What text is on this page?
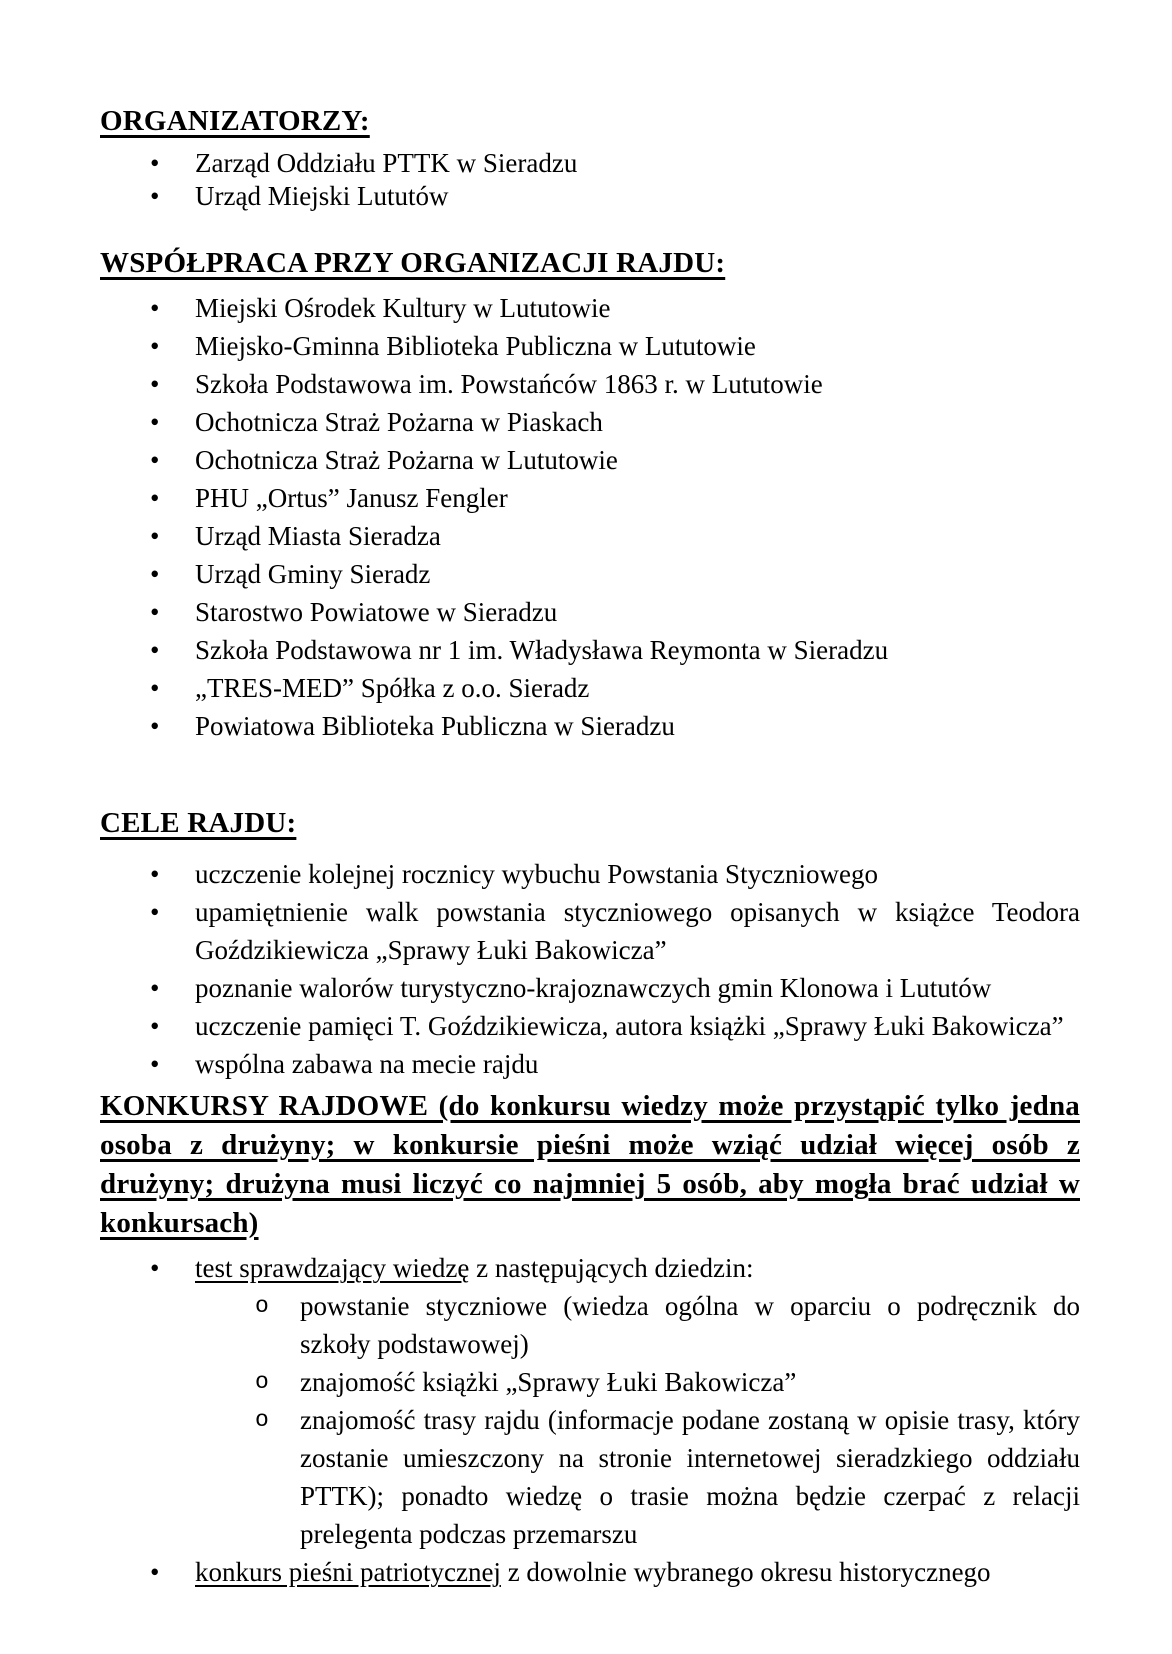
ORGANIZATORZY:
• Zarząd Oddziału PTTK w Sieradzu
• Urząd Miejski Lututów
WSPÓŁPRACA PRZY ORGANIZACJI RAJDU:
• Miejski Ośrodek Kultury w Lututowie
• Miejsko-Gminna Biblioteka Publiczna w Lututowie
• Szkoła Podstawowa im. Powstańców 1863 r. w Lututowie
• Ochotnicza Straż Pożarna w Piaskach
• Ochotnicza Straż Pożarna w Lututowie
• PHU „Ortus” Janusz Fengler
• Urząd Miasta Sieradza
• Urząd Gminy Sieradz
• Starostwo Powiatowe w Sieradzu
• Szkoła Podstawowa nr 1 im. Władysława Reymonta w Sieradzu
• „TRES-MED” Spółka z o.o. Sieradz
• Powiatowa Biblioteka Publiczna w Sieradzu
CELE RAJDU:
• uczczenie kolejnej rocznicy wybuchu Powstania Styczniowego
• upamiętnienie walk powstania styczniowego opisanych w książce Teodora Goździkiewicza „Sprawy Łuki Bakowicza”
• poznanie walorów turystyczno-krajoznawczych gmin Klonowa i Lututów
• uczczenie pamięci T. Goździkiewicza, autora książki „Sprawy Łuki Bakowicza”
• wspólna zabawa na mecie rajdu
KONKURSY RAJDOWE (do konkursu wiedzy może przystąpić tylko jedna osoba z drużyny; w konkursie pieśni może wziąć udział więcej osób z drużyny; drużyna musi liczyć co najmniej 5 osób, aby mogła brać udział w konkursach)
• test sprawdzający wiedzę z następujących dziedzin:
o powstanie styczniowe (wiedza ogólna w oparciu o podręcznik do szkoły podstawowej)
o znajomość książki „Sprawy Łuki Bakowicza”
o znajomość trasy rajdu (informacje podane zostaną w opisie trasy, który zostanie umieszczony na stronie internetowej sieradzkiego oddziału PTTK); ponadto wiedzę o trasie można będzie czerpać z relacji prelegenta podczas przemarszu
• konkurs pieśni patriotycznej z dowolnie wybranego okresu historycznego
